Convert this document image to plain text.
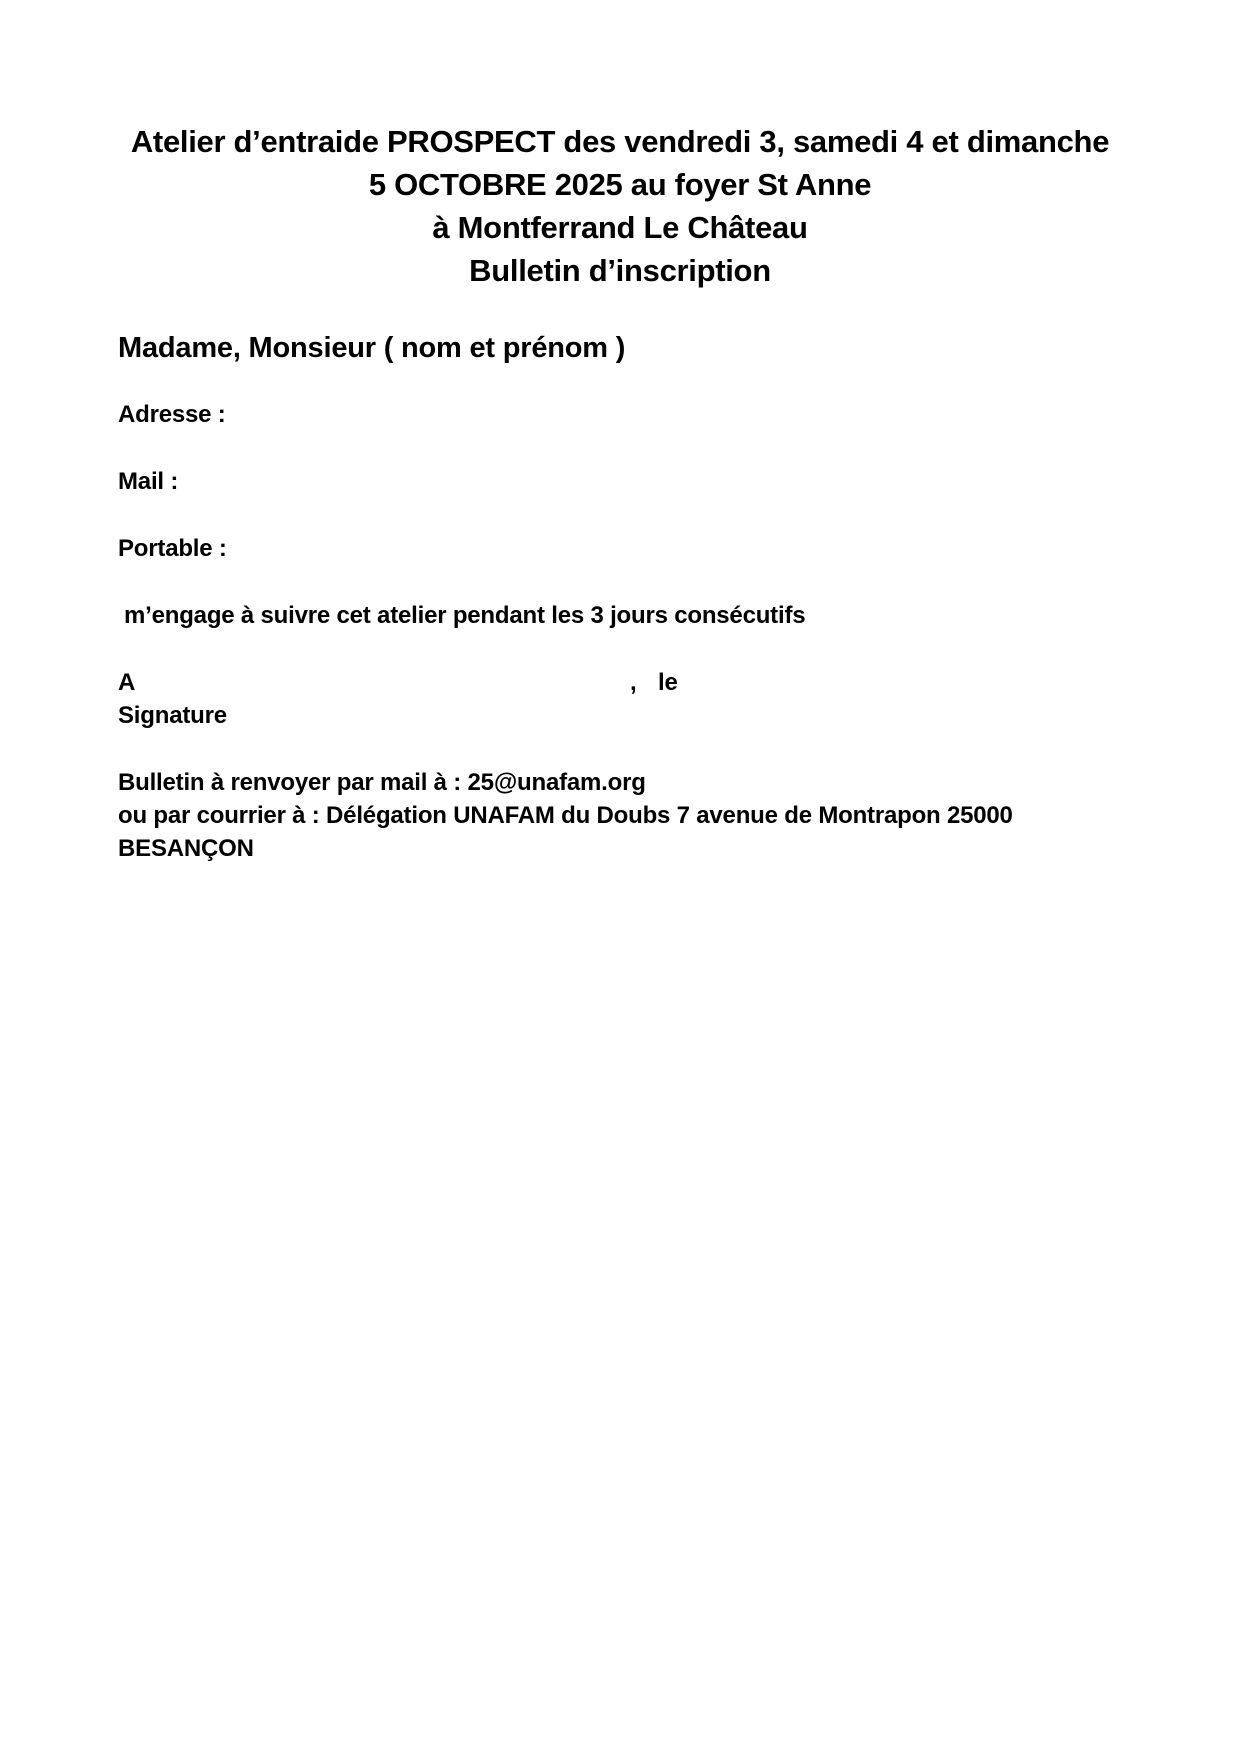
Atelier d’entraide PROSPECT des vendredi 3, samedi 4 et dimanche
5 OCTOBRE 2025 au foyer St Anne
à Montferrand Le Château
Bulletin d’inscription
Madame, Monsieur ( nom et prénom )
Adresse :
Mail :
Portable :
m’engage à suivre cet atelier pendant les 3 jours consécutifs
A	, le
Signature
Bulletin à renvoyer par mail à : 25@unafam.org
ou par courrier à : Délégation UNAFAM du Doubs 7 avenue de Montrapon 25000
BESANÇON
